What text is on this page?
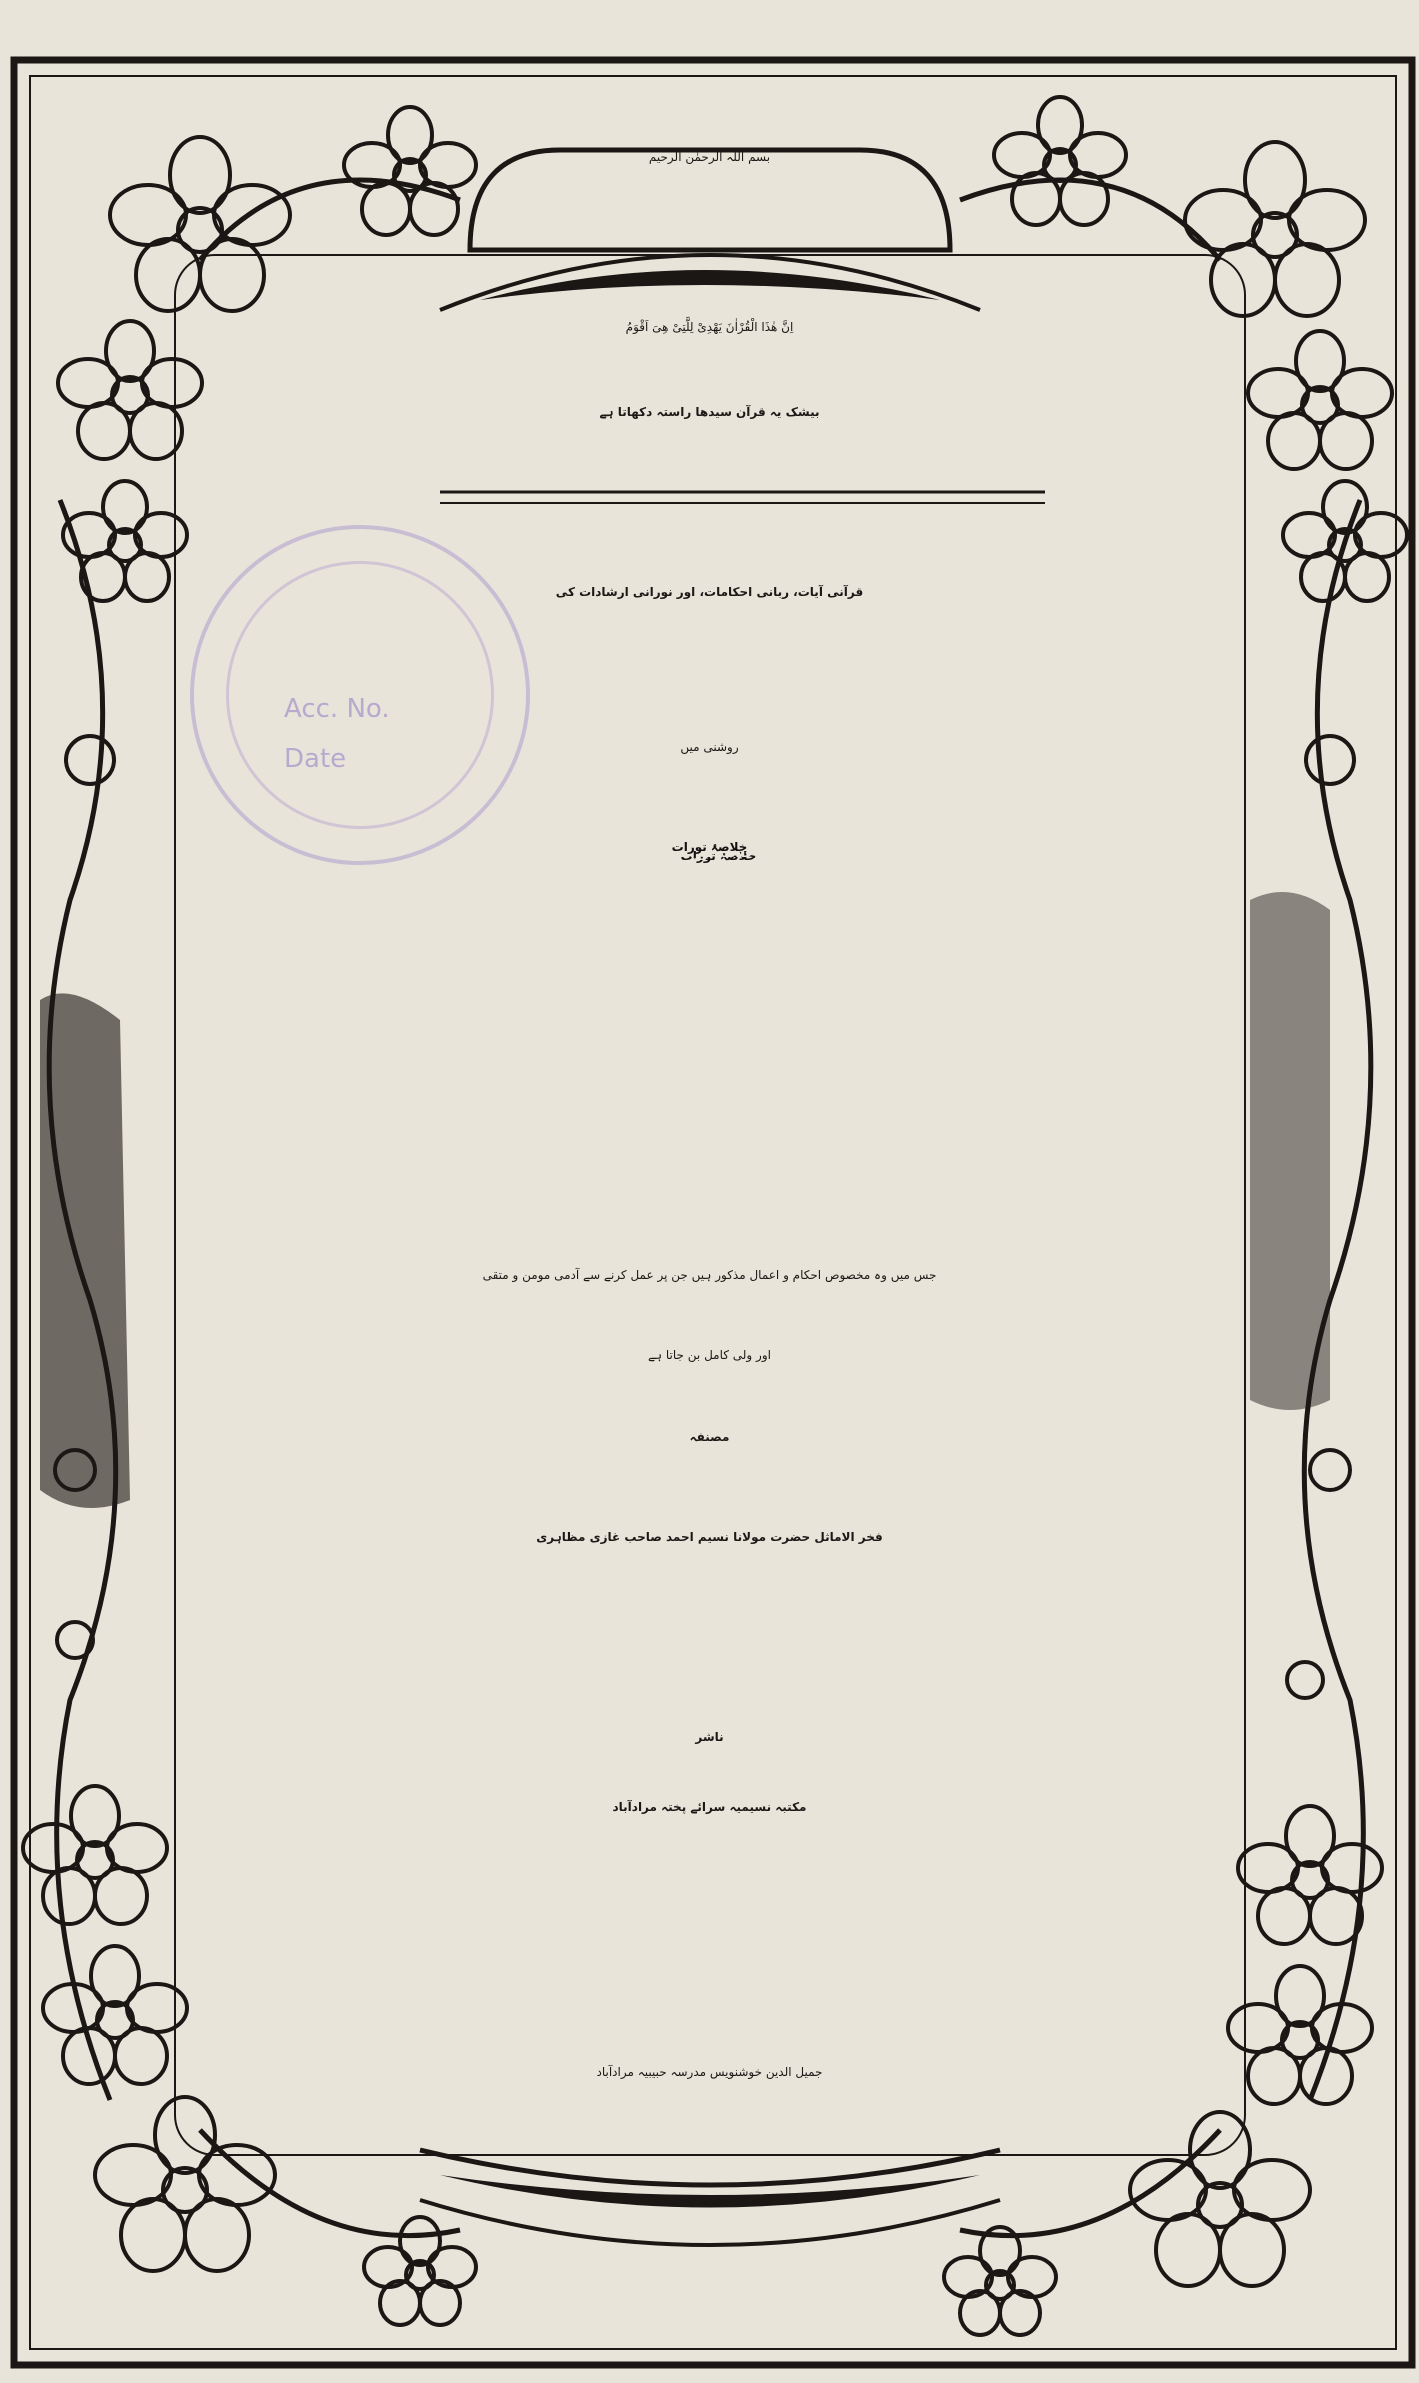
Acc. No.
Date
بسم اللہ الرحمٰن الرحیم
اِنَّ ھٰذَا الْقُرْاٰنَ یَھْدِیْ لِلَّتِیْ ھِیَ اَقْوَمُ
بیشک یہ قرآن سیدھا راستہ دکھاتا ہے
قرآنی آیات، ربانی احکامات، اور نورانی ارشادات کی
روشنی میں
خلاصۂ تورات
جس میں وہ مخصوص احکام و اعمال مذکور ہیں جن پر عمل کرنے سے آدمی مومن و متقی
اور ولی کامل بن جاتا ہے
مصنفہ
فخر الاماثل حضرت مولانا نسیم احمد صاحب غازی مظاہری
ناشر
مکتبہ نسیمیہ سرائے پختہ مرادآباد
جمیل الدین خوشنویس مدرسہ حبیبیہ مرادآباد
